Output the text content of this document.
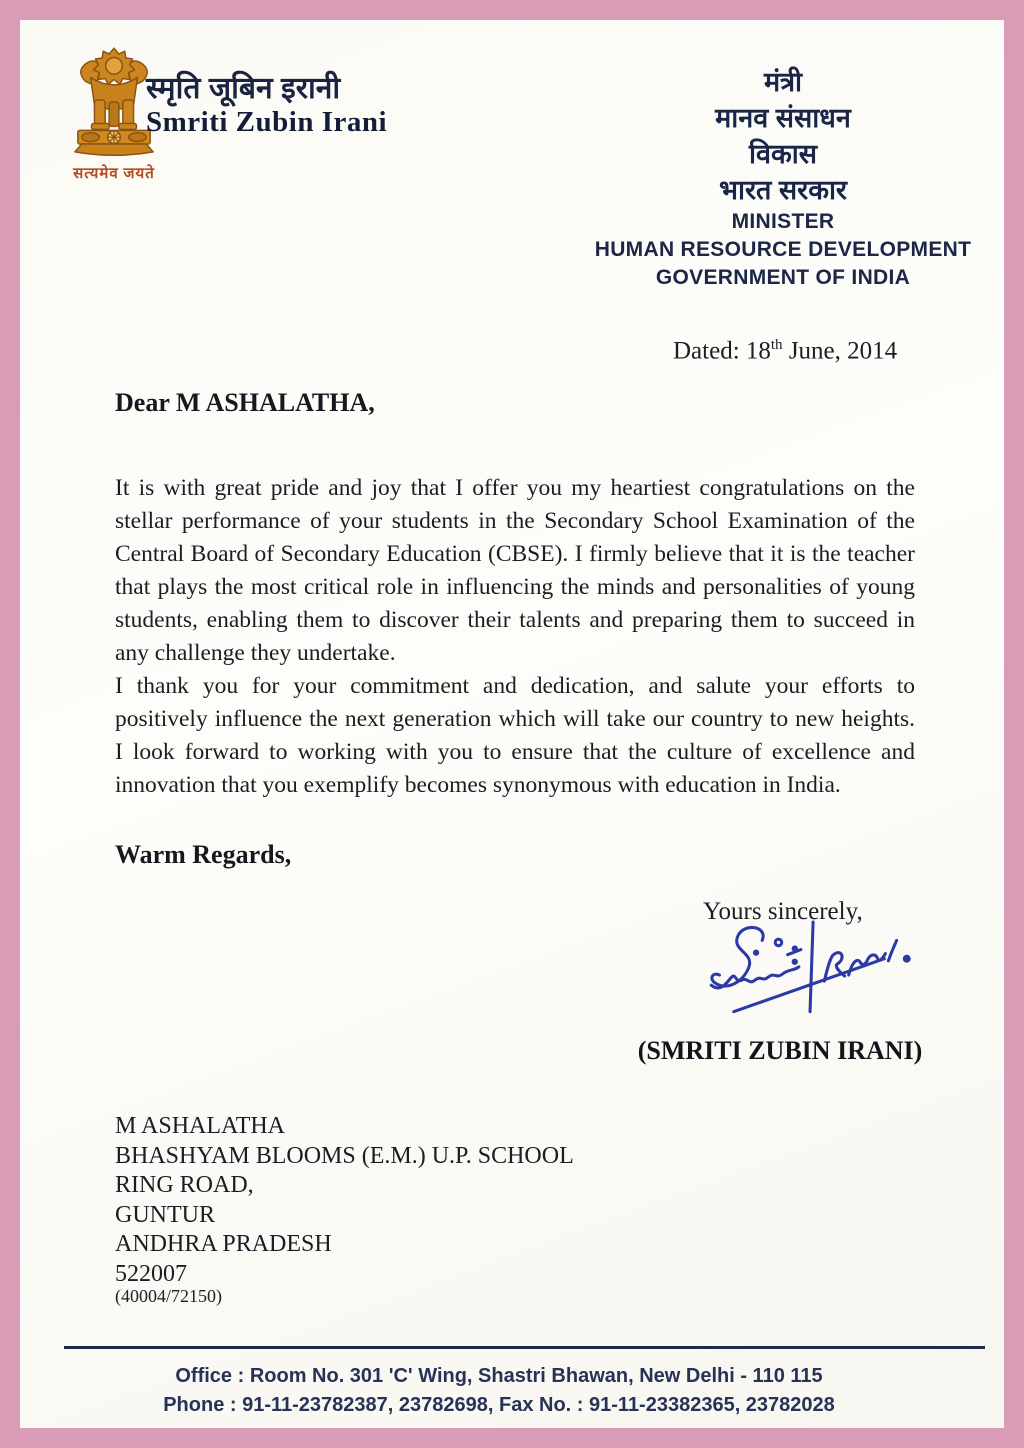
सत्यमेव जयते
स्मृति जूबिन इरानी
Smriti Zubin Irani
मंत्री
मानव संसाधन
विकास
भारत सरकार
MINISTER
HUMAN RESOURCE DEVELOPMENT
GOVERNMENT OF INDIA
Dated: 18th June, 2014
Dear M ASHALATHA,

It is with great pride and joy that I offer you my heartiest congratulations on the stellar performance of your students in the Secondary School Examination of the Central Board of Secondary Education (CBSE). I firmly believe that it is the teacher that plays the most critical role in influencing the minds and personalities of young students, enabling them to discover their talents and preparing them to succeed in any challenge they undertake.

I thank you for your commitment and dedication, and salute your efforts to positively influence the next generation which will take our country to new heights. I look forward to working with you to ensure that the culture of excellence and innovation that you exemplify becomes synonymous with education in India.

Warm Regards,
Yours sincerely,
(SMRITI ZUBIN IRANI)
M ASHALATHA
BHASHYAM BLOOMS (E.M.) U.P. SCHOOL
RING ROAD,
GUNTUR
ANDHRA PRADESH
522007
(40004/72150)
Office : Room No. 301 'C' Wing, Shastri Bhawan, New Delhi - 110 115
Phone : 91-11-23782387, 23782698, Fax No. : 91-11-23382365, 23782028
